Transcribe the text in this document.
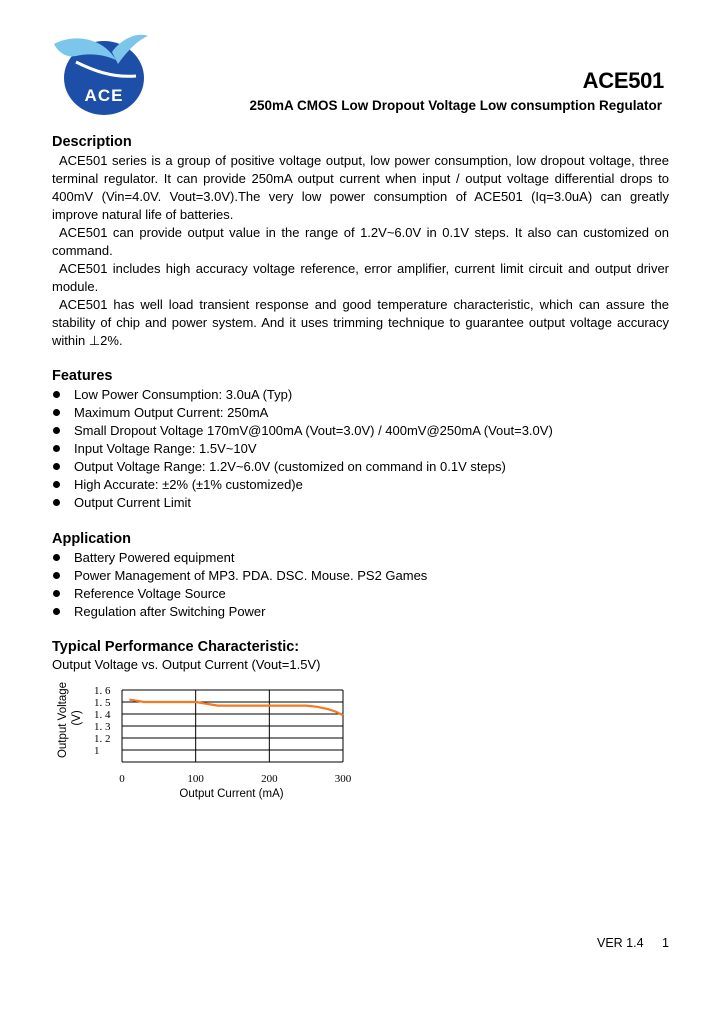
ACE
ACE501
250mA CMOS Low Dropout Voltage Low consumption Regulator
Description
ACE501 series is a group of positive voltage output, low power consumption, low dropout voltage, three
terminal regulator. It can provide 250mA output current when input / output voltage differential drops to
400mV (Vin=4.0V. Vout=3.0V).The very low power consumption of ACE501 (Iq=3.0uA) can greatly
improve natural life of batteries.
ACE501 can provide output value in the range of 1.2V~6.0V in 0.1V steps. It also can customized on
command.
ACE501 includes high accuracy voltage reference, error amplifier, current limit circuit and output driver
module.
ACE501 has well load transient response and good temperature characteristic, which can assure the
stability of chip and power system. And it uses trimming technique to guarantee output voltage accuracy
within ⊥2%.
Features
Low Power Consumption: 3.0uA (Typ)
Maximum Output Current: 250mA
Small Dropout Voltage 170mV@100mA (Vout=3.0V) / 400mV@250mA (Vout=3.0V)
Input Voltage Range: 1.5V~10V
Output Voltage Range: 1.2V~6.0V (customized on command in 0.1V steps)
High Accurate: ±2% (±1% customized)e
Output Current Limit
Application
Battery Powered equipment
Power Management of MP3. PDA. DSC. Mouse. PS2 Games
Reference Voltage Source
Regulation after Switching Power
Typical Performance Characteristic:
Output Voltage vs. Output Current (Vout=1.5V)
1. 6
1. 5
1. 4
1. 3
1. 2
1
0	100	200	300
Output Voltage (V)
Output Current (mA)
VER 1.4 1
